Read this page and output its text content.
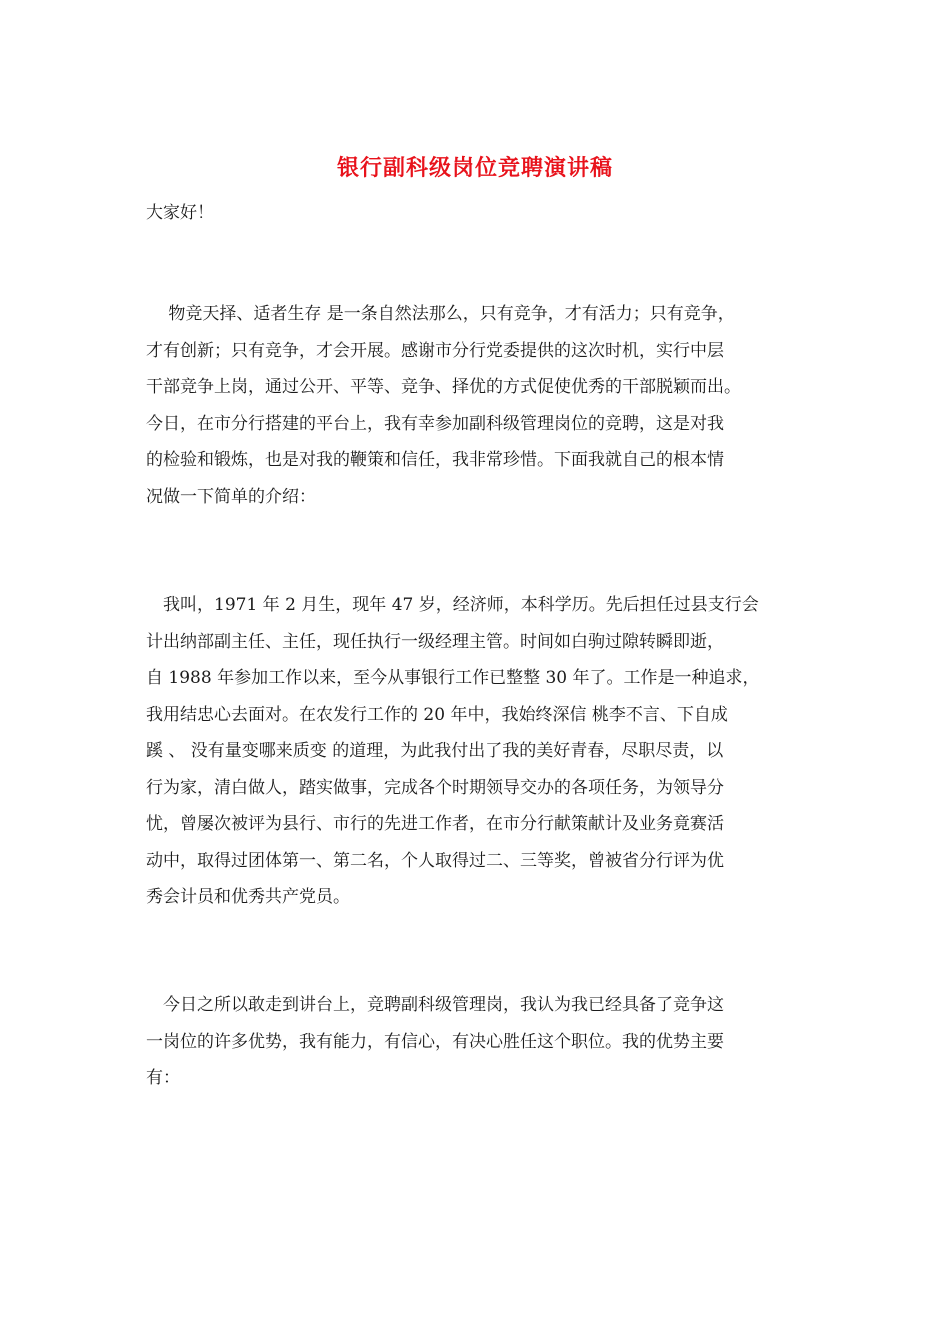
银行副科级岗位竞聘演讲稿
大家好！
　 物竞天择、适者生存 是一条自然法那么，只有竞争，才有活力；只有竞争，
才有创新；只有竞争，才会开展。感谢市分行党委提供的这次时机，实行中层
干部竞争上岗，通过公开、平等、竞争、择优的方式促使优秀的干部脱颖而出。
今日，在市分行搭建的平台上，我有幸参加副科级管理岗位的竞聘，这是对我
的检验和锻炼，也是对我的鞭策和信任，我非常珍惜。下面我就自己的根本情
况做一下简单的介绍：
　我叫，1971 年 2 月生，现年 47 岁，经济师，本科学历。先后担任过县支行会
计出纳部副主任、主任，现任执行一级经理主管。时间如白驹过隙转瞬即逝，
自 1988 年参加工作以来，至今从事银行工作已整整 30 年了。工作是一种追求，
我用结忠心去面对。在农发行工作的 20 年中，我始终深信 桃李不言、下自成
蹊 、 没有量变哪来质变 的道理，为此我付出了我的美好青春，尽职尽责，以
行为家，清白做人，踏实做事，完成各个时期领导交办的各项任务，为领导分
忧，曾屡次被评为县行、市行的先进工作者，在市分行献策献计及业务竟赛活
动中，取得过团体第一、第二名，个人取得过二、三等奖，曾被省分行评为优
秀会计员和优秀共产党员。
　今日之所以敢走到讲台上，竞聘副科级管理岗，我认为我已经具备了竞争这
一岗位的许多优势，我有能力，有信心，有决心胜任这个职位。我的优势主要
有：
